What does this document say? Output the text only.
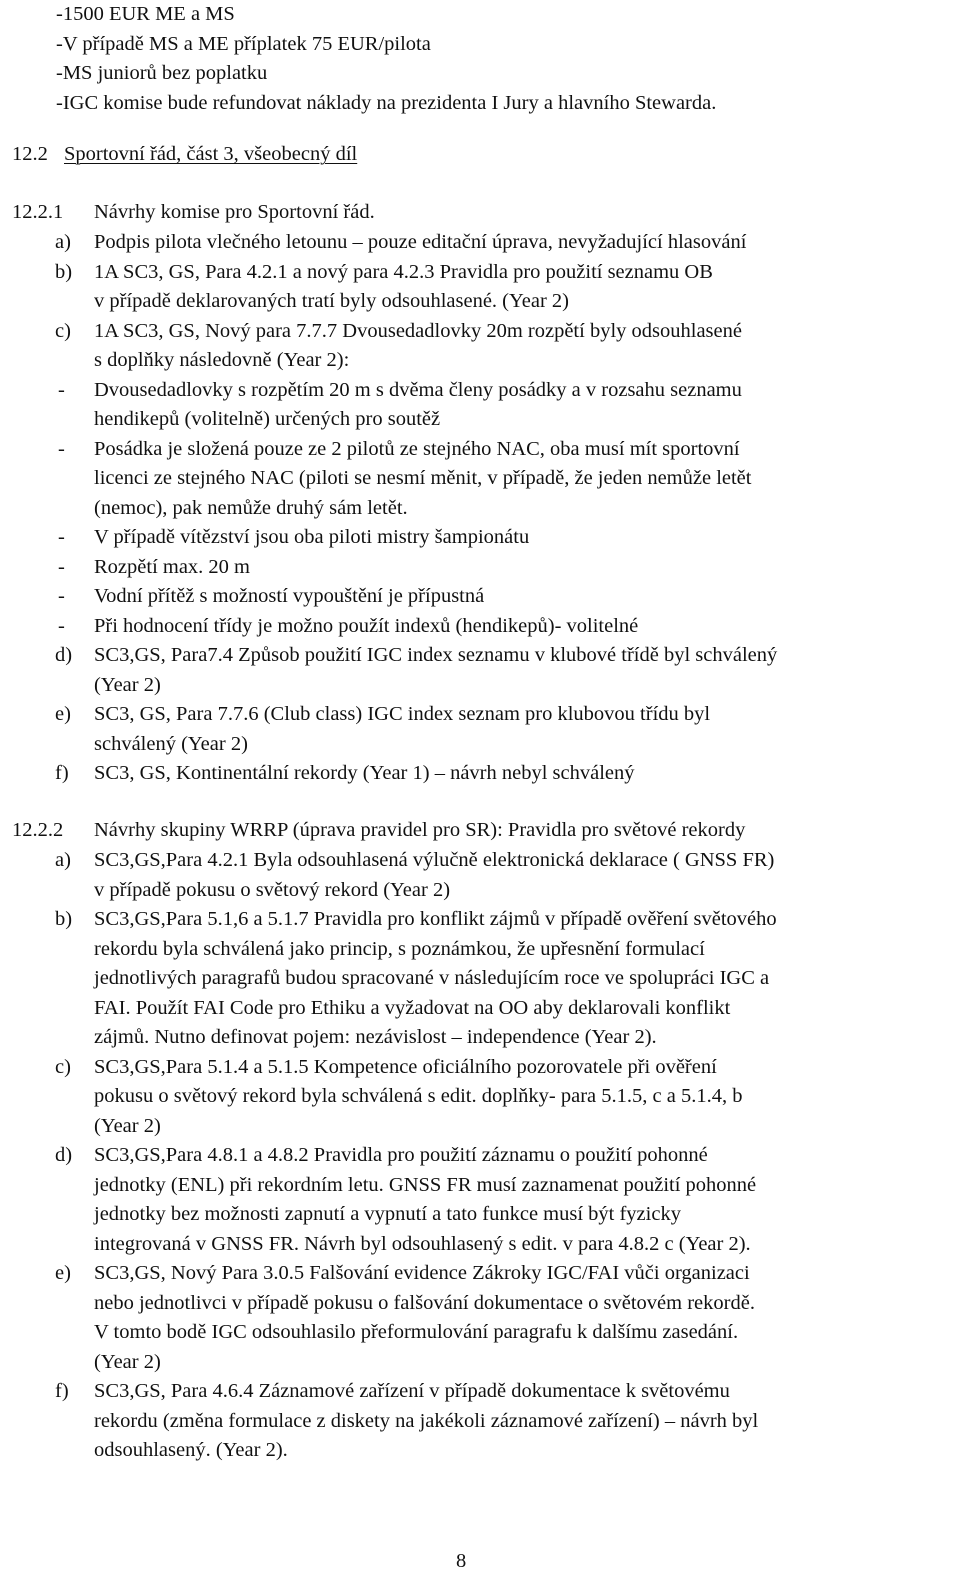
-1500 EUR ME a MS
-V případě MS a ME příplatek 75 EUR/pilota
-MS juniorů bez poplatku
-IGC komise bude refundovat náklady na prezidenta I Jury a hlavního Stewarda.
12.2 Sportovní řád, část 3, všeobecný díl
12.2.1 Návrhy komise pro Sportovní řád.
a) Podpis pilota vlečného letounu – pouze editační úprava, nevyžadující hlasování
b) 1A SC3, GS, Para 4.2.1 a nový para 4.2.3 Pravidla pro použití seznamu OB
v případě deklarovaných tratí byly odsouhlasené. (Year 2)
c) 1A SC3, GS, Nový para 7.7.7 Dvousedadlovky 20m rozpětí byly odsouhlasené
s doplňky následovně (Year 2):
- Dvousedadlovky s rozpětím 20 m s dvěma členy posádky a v rozsahu seznamu
hendikepů (volitelně) určených pro soutěž
- Posádka je složená pouze ze 2 pilotů ze stejného NAC, oba musí mít sportovní
licenci ze stejného NAC (piloti se nesmí měnit, v případě, že jeden nemůže letět
(nemoc), pak nemůže druhý sám letět.
- V případě vítězství jsou oba piloti mistry šampionátu
- Rozpětí max. 20 m
- Vodní přítěž s možností vypouštění je přípustná
- Při hodnocení třídy je možno použít indexů (hendikepů)- volitelné
d) SC3,GS, Para7.4 Způsob použití IGC index seznamu v klubové třídě byl schválený
(Year 2)
e) SC3, GS, Para 7.7.6 (Club class) IGC index seznam pro klubovou třídu byl
schválený (Year 2)
f) SC3, GS, Kontinentální rekordy (Year 1) – návrh nebyl schválený
12.2.2 Návrhy skupiny WRRP (úprava pravidel pro SR): Pravidla pro světové rekordy
a) SC3,GS,Para 4.2.1 Byla odsouhlasená výlučně elektronická deklarace ( GNSS FR)
v případě pokusu o světový rekord (Year 2)
b) SC3,GS,Para 5.1,6 a 5.1.7 Pravidla pro konflikt zájmů v případě ověření světového
rekordu byla schválená jako princip, s poznámkou, že upřesnění formulací
jednotlivých paragrafů budou spracované v následujícím roce ve spolupráci IGC a
FAI. Použít FAI Code pro Ethiku a vyžadovat na OO aby deklarovali konflikt
zájmů. Nutno definovat pojem: nezávislost – independence (Year 2).
c) SC3,GS,Para 5.1.4 a 5.1.5 Kompetence oficiálního pozorovatele při ověření
pokusu o světový rekord byla schválená s edit. doplňky- para 5.1.5, c a 5.1.4, b
(Year 2)
d) SC3,GS,Para 4.8.1 a 4.8.2 Pravidla pro použití záznamu o použití pohonné
jednotky (ENL) při rekordním letu. GNSS FR musí zaznamenat použití pohonné
jednotky bez možnosti zapnutí a vypnutí a tato funkce musí být fyzicky
integrovaná v GNSS FR. Návrh byl odsouhlasený s edit. v para 4.8.2 c (Year 2).
e) SC3,GS, Nový Para 3.0.5 Falšování evidence Zákroky IGC/FAI vůči organizaci
nebo jednotlivci v případě pokusu o falšování dokumentace o světovém rekordě.
V tomto bodě IGC odsouhlasilo přeformulování paragrafu k dalšímu zasedání.
(Year 2)
f) SC3,GS, Para 4.6.4 Záznamové zařízení v případě dokumentace k světovému
rekordu (změna formulace z diskety na jakékoli záznamové zařízení) – návrh byl
odsouhlasený. (Year 2).
8
